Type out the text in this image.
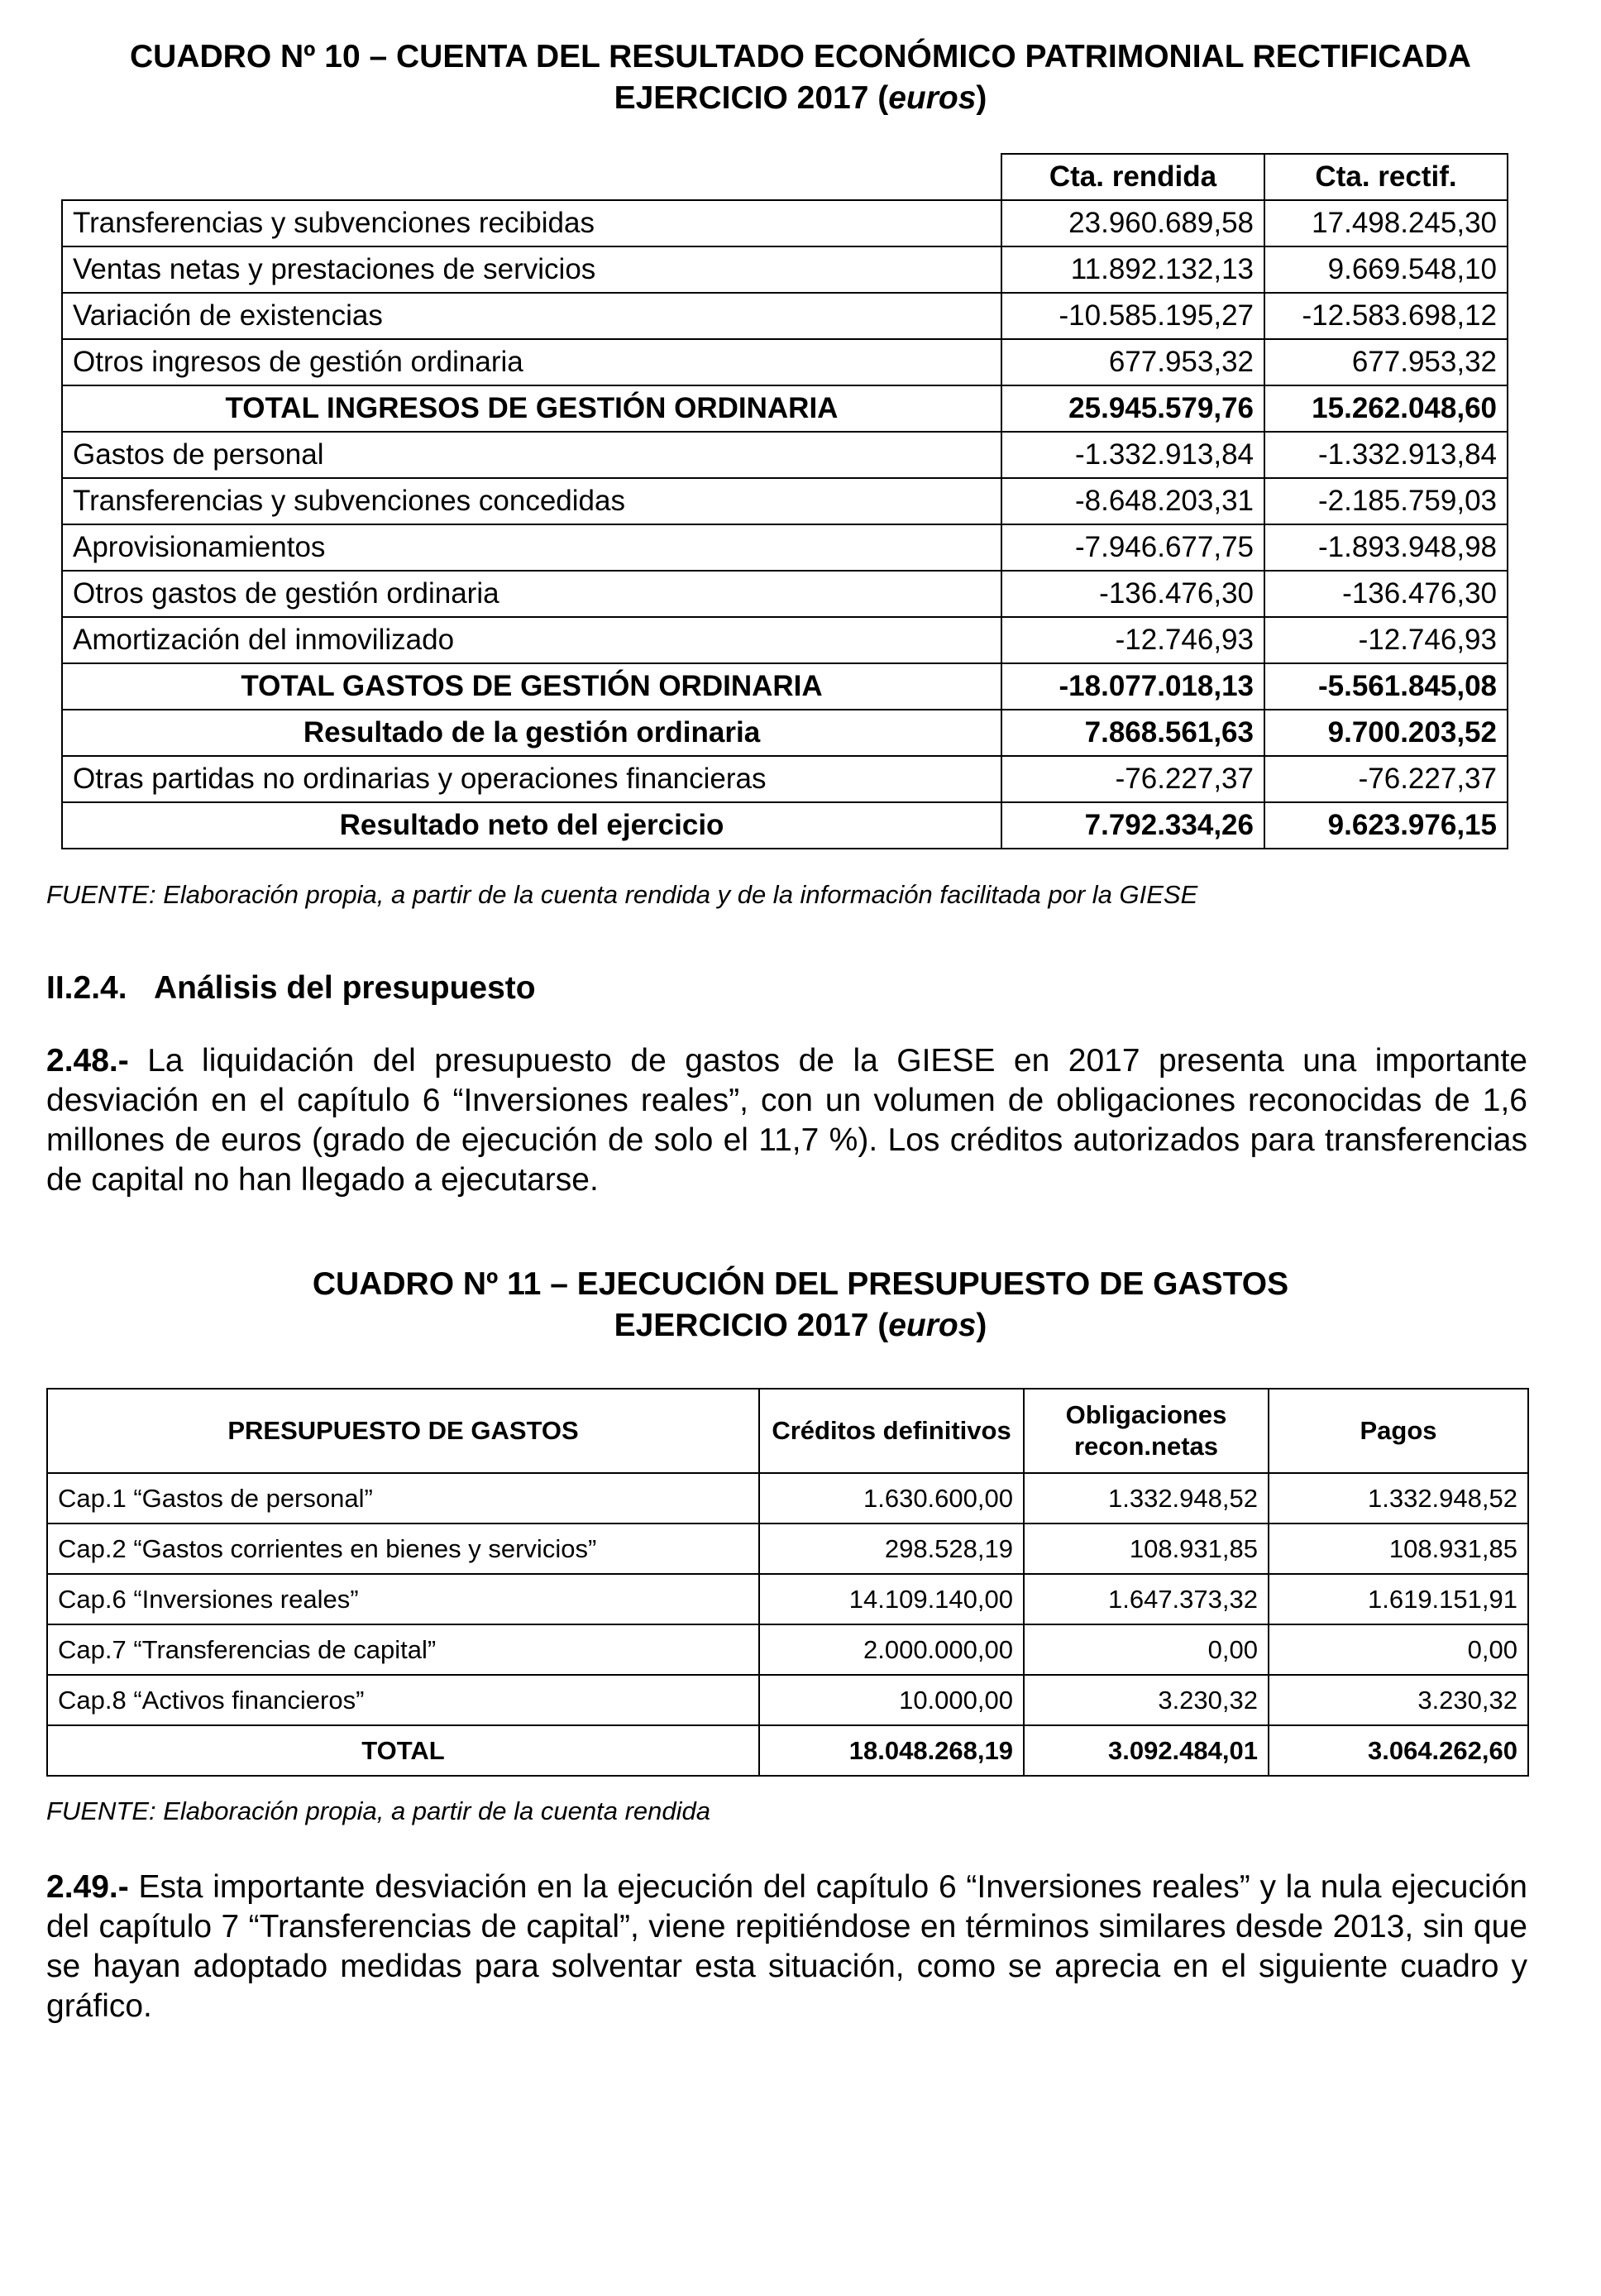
CUADRO Nº 10 – CUENTA DEL RESULTADO ECONÓMICO PATRIMONIAL RECTIFICADA
EJERCICIO 2017 (euros)
	Cta. rendida	Cta. rectif.
Transferencias y subvenciones recibidas	23.960.689,58	17.498.245,30
Ventas netas y prestaciones de servicios	11.892.132,13	9.669.548,10
Variación de existencias	-10.585.195,27	-12.583.698,12
Otros ingresos de gestión ordinaria	677.953,32	677.953,32
TOTAL INGRESOS DE GESTIÓN ORDINARIA	25.945.579,76	15.262.048,60
Gastos de personal	-1.332.913,84	-1.332.913,84
Transferencias y subvenciones concedidas	-8.648.203,31	-2.185.759,03
Aprovisionamientos	-7.946.677,75	-1.893.948,98
Otros gastos de gestión ordinaria	-136.476,30	-136.476,30
Amortización del inmovilizado	-12.746,93	-12.746,93
TOTAL GASTOS DE GESTIÓN ORDINARIA	-18.077.018,13	-5.561.845,08
Resultado de la gestión ordinaria	7.868.561,63	9.700.203,52
Otras partidas no ordinarias y operaciones financieras	-76.227,37	-76.227,37
Resultado neto del ejercicio	7.792.334,26	9.623.976,15
FUENTE: Elaboración propia, a partir de la cuenta rendida y de la información facilitada por la GIESE
II.2.4. Análisis del presupuesto
2.48.- La liquidación del presupuesto de gastos de la GIESE en 2017 presenta una importante desviación en el capítulo 6 “Inversiones reales”, con un volumen de obligaciones reconocidas de 1,6 millones de euros (grado de ejecución de solo el 11,7 %). Los créditos autorizados para transferencias de capital no han llegado a ejecutarse.
CUADRO Nº 11 – EJECUCIÓN DEL PRESUPUESTO DE GASTOS
EJERCICIO 2017 (euros)
PRESUPUESTO DE GASTOS	Créditos definitivos	Obligaciones recon.netas	Pagos
Cap.1 “Gastos de personal”	1.630.600,00	1.332.948,52	1.332.948,52
Cap.2 “Gastos corrientes en bienes y servicios”	298.528,19	108.931,85	108.931,85
Cap.6 “Inversiones reales”	14.109.140,00	1.647.373,32	1.619.151,91
Cap.7 “Transferencias de capital”	2.000.000,00	0,00	0,00
Cap.8 “Activos financieros”	10.000,00	3.230,32	3.230,32
TOTAL	18.048.268,19	3.092.484,01	3.064.262,60
FUENTE: Elaboración propia, a partir de la cuenta rendida
2.49.- Esta importante desviación en la ejecución del capítulo 6 “Inversiones reales” y la nula ejecución del capítulo 7 “Transferencias de capital”, viene repitiéndose en términos similares desde 2013, sin que se hayan adoptado medidas para solventar esta situación, como se aprecia en el siguiente cuadro y gráfico.
